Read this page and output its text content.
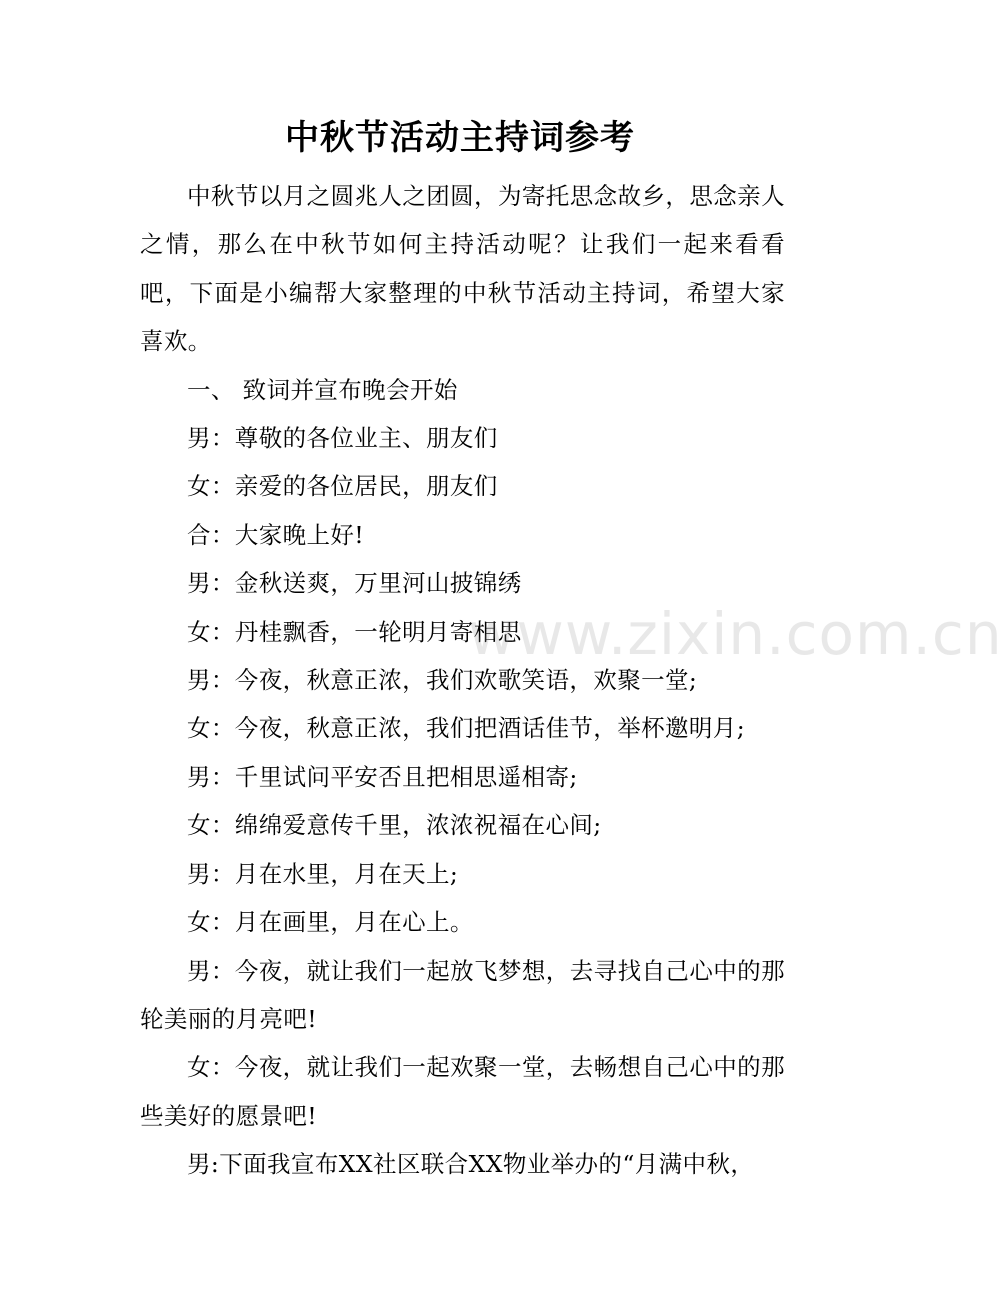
中秋节活动主持词参考

中秋节以月之圆兆人之团圆，为寄托思念故乡，思念亲人之情，那么在中秋节如何主持活动呢？让我们一起来看看吧，下面是小编帮大家整理的中秋节活动主持词，希望大家喜欢。

一、 致词并宣布晚会开始

男：尊敬的各位业主、朋友们

女：亲爱的各位居民，朋友们

合：大家晚上好!

男：金秋送爽，万里河山披锦绣

女：丹桂飘香，一轮明月寄相思

男：今夜，秋意正浓，我们欢歌笑语，欢聚一堂;

女：今夜，秋意正浓，我们把酒话佳节，举杯邀明月;

男：千里试问平安否且把相思遥相寄;

女：绵绵爱意传千里，浓浓祝福在心间;

男：月在水里，月在天上;

女：月在画里，月在心上。

男：今夜，就让我们一起放飞梦想，去寻找自己心中的那轮美丽的月亮吧!

女：今夜，就让我们一起欢聚一堂，去畅想自己心中的那些美好的愿景吧!

男:下面我宣布XX社区联合XX物业举办的“月满中秋，

www.zixin.com.cn
